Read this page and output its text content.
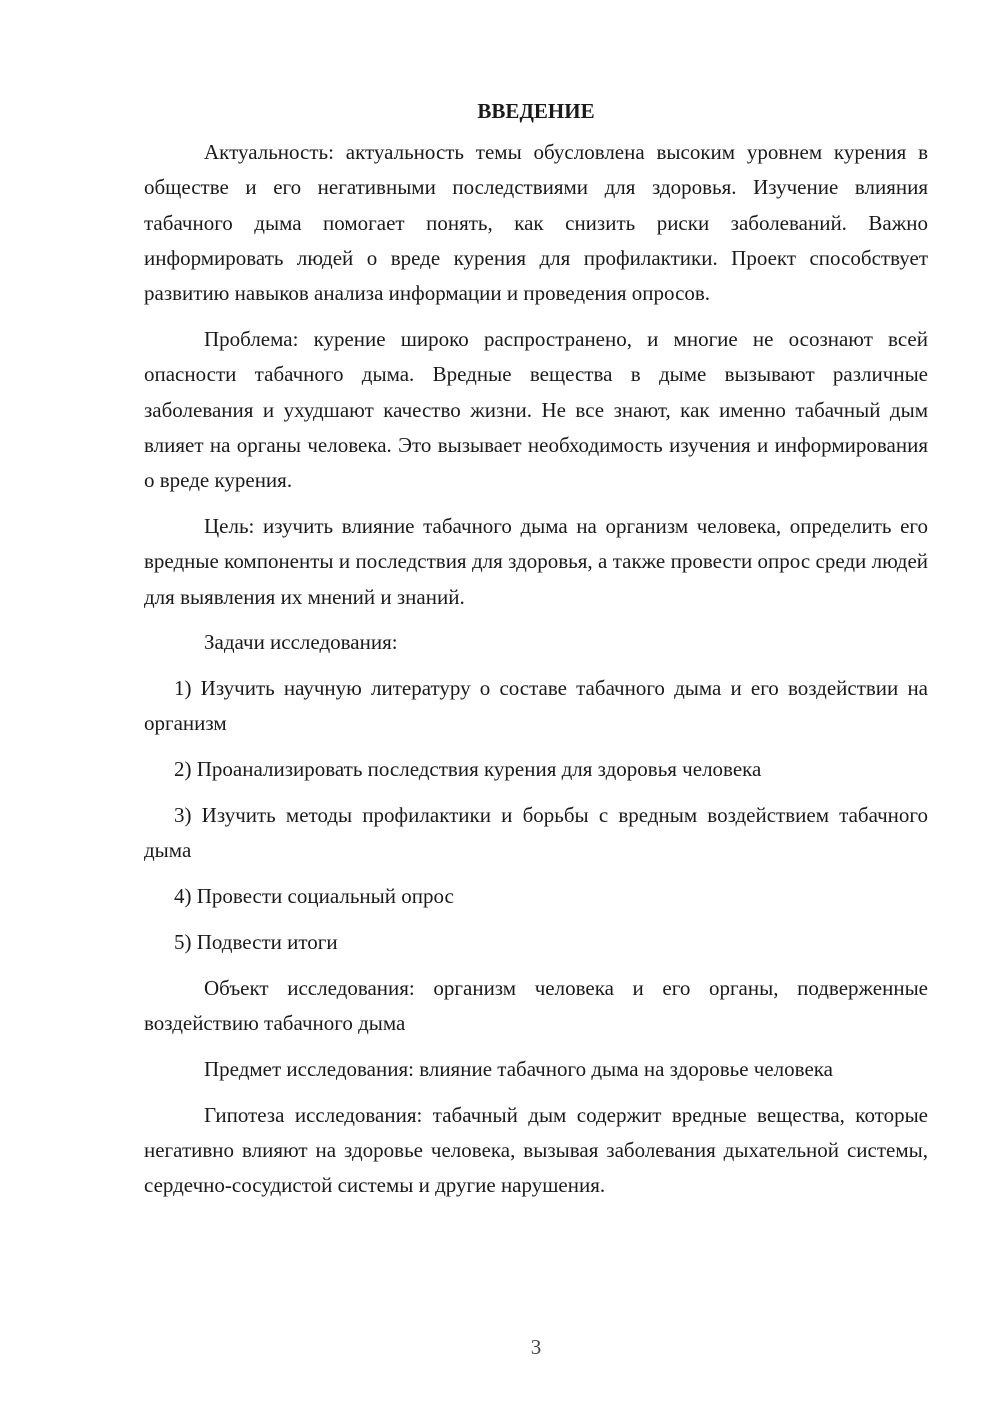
ВВЕДЕНИЕ

Актуальность: актуальность темы обусловлена высоким уровнем курения в обществе и его негативными последствиями для здоровья. Изучение влияния табачного дыма помогает понять, как снизить риски заболеваний. Важно информировать людей о вреде курения для профилактики. Проект способствует развитию навыков анализа информации и проведения опросов.

Проблема: курение широко распространено, и многие не осознают всей опасности табачного дыма. Вредные вещества в дыме вызывают различные заболевания и ухудшают качество жизни. Не все знают, как именно табачный дым влияет на органы человека. Это вызывает необходимость изучения и информирования о вреде курения.

Цель: изучить влияние табачного дыма на организм человека, определить его вредные компоненты и последствия для здоровья, а также провести опрос среди людей для выявления их мнений и знаний.

Задачи исследования:

1) Изучить научную литературу о составе табачного дыма и его воздействии на организм

2) Проанализировать последствия курения для здоровья человека

3) Изучить методы профилактики и борьбы с вредным воздействием табачного дыма

4) Провести социальный опрос

5) Подвести итоги

Объект исследования: организм человека и его органы, подверженные воздействию табачного дыма

Предмет исследования: влияние табачного дыма на здоровье человека

Гипотеза исследования: табачный дым содержит вредные вещества, которые негативно влияют на здоровье человека, вызывая заболевания дыхательной системы, сердечно-сосудистой системы и другие нарушения.

3
